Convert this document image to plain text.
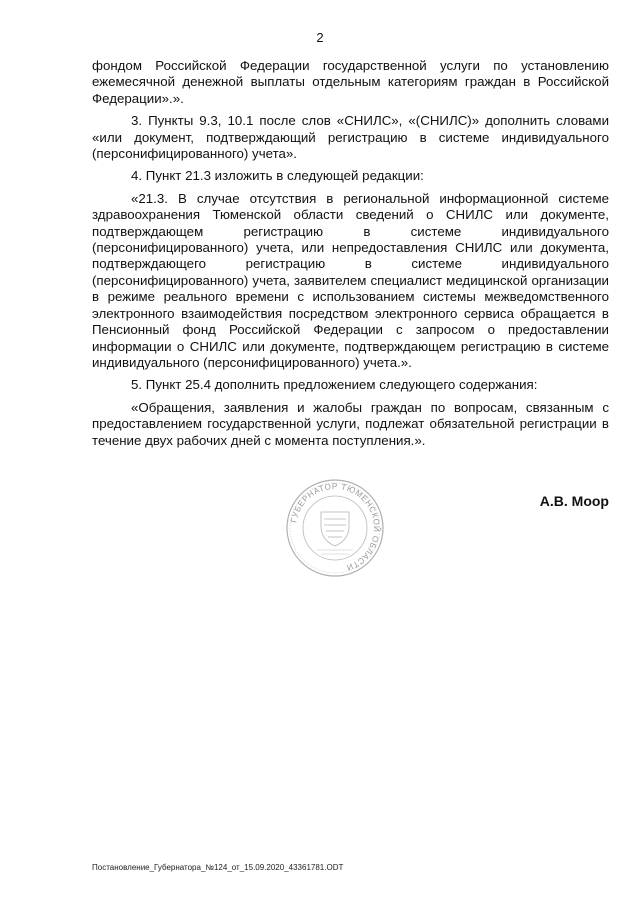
2

фондом Российской Федерации государственной услуги по установлению ежемесячной денежной выплаты отдельным категориям граждан в Российской Федерации».».

3. Пункты 9.3, 10.1 после слов «СНИЛС», «(СНИЛС)» дополнить словами «или документ, подтверждающий регистрацию в системе индивидуального (персонифицированного) учета».

4. Пункт 21.3 изложить в следующей редакции:

«21.3. В случае отсутствия в региональной информационной системе здравоохранения Тюменской области сведений о СНИЛС или документе, подтверждающем регистрацию в системе индивидуального (персонифицированного) учета, или непредоставления СНИЛС или документа, подтверждающего регистрацию в системе индивидуального (персонифицированного) учета, заявителем специалист медицинской организации в режиме реального времени с использованием системы межведомственного электронного взаимодействия посредством электронного сервиса обращается в Пенсионный фонд Российской Федерации с запросом о предоставлении информации о СНИЛС или документе, подтверждающем регистрацию в системе индивидуального (персонифицированного) учета.».

5. Пункт 25.4 дополнить предложением следующего содержания:

«Обращения, заявления и жалобы граждан по вопросам, связанным с предоставлением государственной услуги, подлежат обязательной регистрации в течение двух рабочих дней с момента поступления.».

ГУБЕРНАТОР ТЮМЕНСКОЙ ОБЛАСТИ
А.В. Моор
Постановление_Губернатора_№124_от_15.09.2020_43361781.ODT
